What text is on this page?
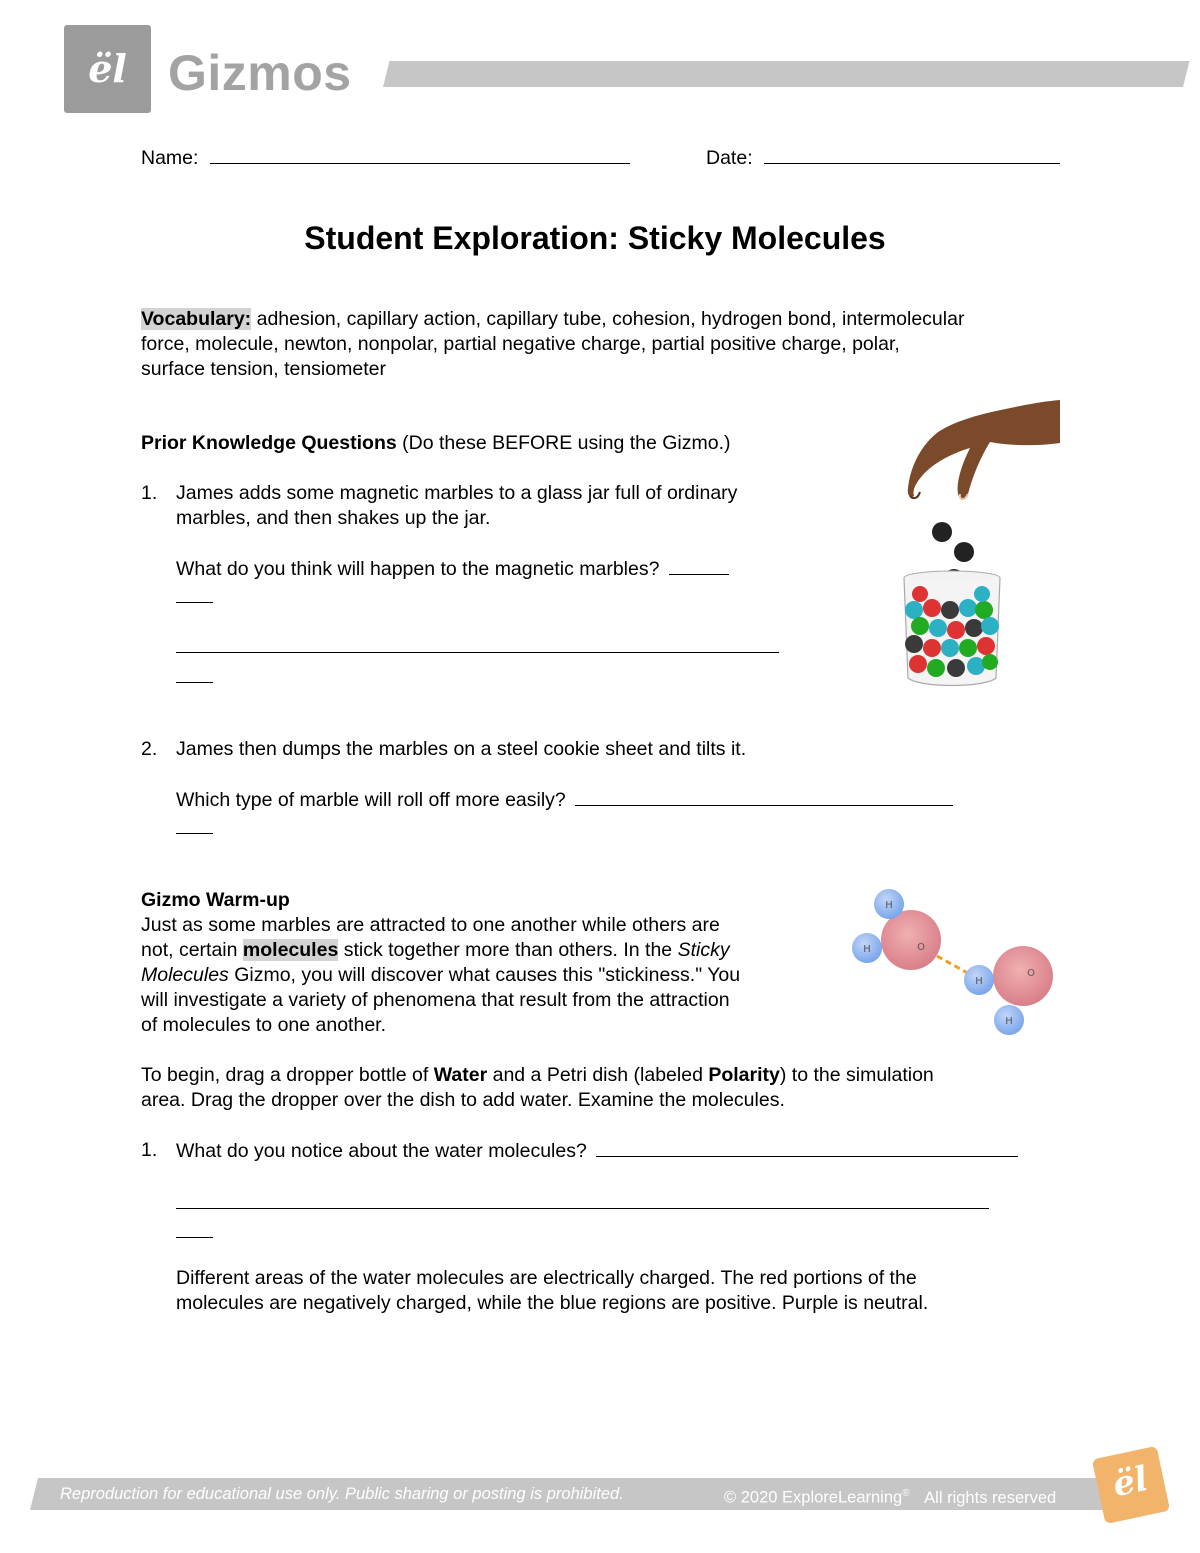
ël Gizmos
Name:	Date:
Student Exploration: Sticky Molecules
Vocabulary: adhesion, capillary action, capillary tube, cohesion, hydrogen bond, intermolecular
force, molecule, newton, nonpolar, partial negative charge, partial positive charge, polar,
surface tension, tensiometer
Prior Knowledge Questions (Do these BEFORE using the Gizmo.)
1. James adds some magnetic marbles to a glass jar full of ordinary
marbles, and then shakes up the jar.
What do you think will happen to the magnetic marbles?
2. James then dumps the marbles on a steel cookie sheet and tilts it.
Which type of marble will roll off more easily?
Gizmo Warm-up
Just as some marbles are attracted to one another while others are
not, certain molecules stick together more than others. In the Sticky
Molecules Gizmo, you will discover what causes this "stickiness." You
will investigate a variety of phenomena that result from the attraction
of molecules to one another.
H
H	O
H
H
O
To begin, drag a dropper bottle of Water and a Petri dish (labeled Polarity) to the simulation
area. Drag the dropper over the dish to add water. Examine the molecules.
1. What do you notice about the water molecules?
Different areas of the water molecules are electrically charged. The red portions of the
molecules are negatively charged, while the blue regions are positive. Purple is neutral.
Reproduction for educational use only. Public sharing or posting is prohibited.	© 2020 ExploreLearning® All rights reserved	ël
